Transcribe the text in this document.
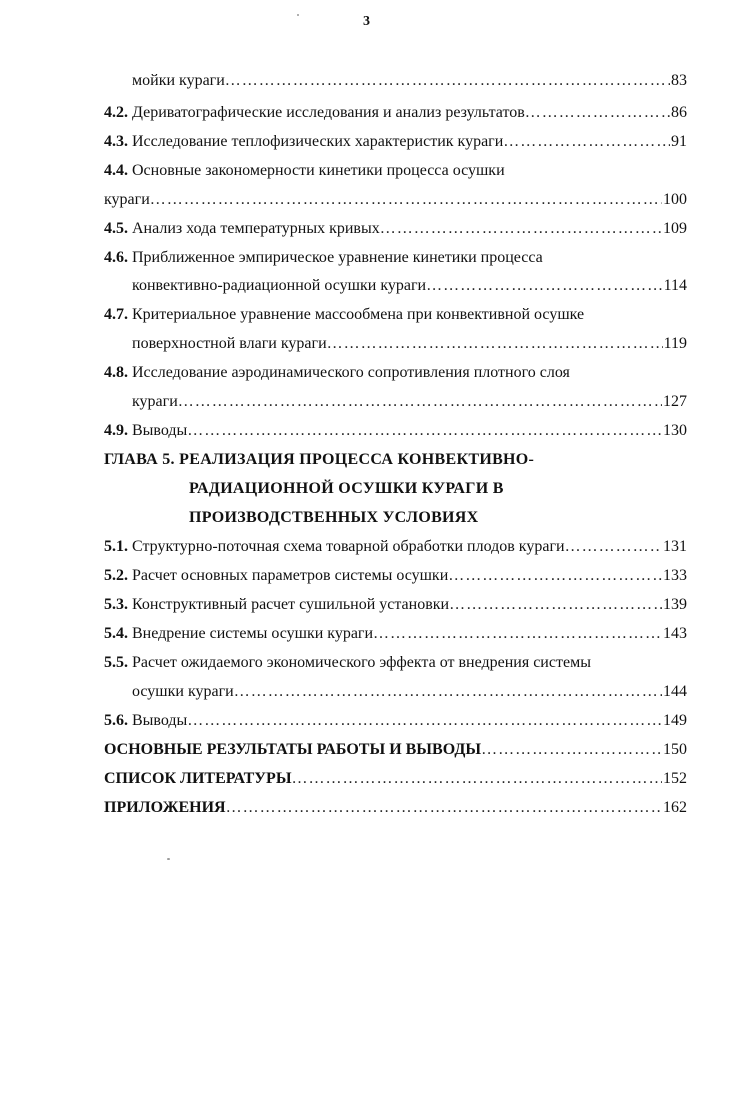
3
мойки кураги ……………………………………………………………………………………………………………………………	83
4.2. Дериватографические исследования и анализ результатов ……………………………………………………………………………………………………………………………	86
4.3. Исследование теплофизических характеристик кураги ……………………………………………………………………………………………………………………………	91
4.4. Основные закономерности кинетики процесса осушки
кураги ……………………………………………………………………………………………………………………………	100
4.5. Анализ хода температурных кривых ……………………………………………………………………………………………………………………………	109
4.6. Приближенное эмпирическое уравнение кинетики процесса
конвективно-радиационной осушки кураги ……………………………………………………………………………………………………………………………	114
4.7. Критериальное уравнение массообмена при конвективной осушке
поверхностной влаги кураги ……………………………………………………………………………………………………………………………	119
4.8. Исследование аэродинамического сопротивления плотного слоя
кураги ……………………………………………………………………………………………………………………………	127
4.9. Выводы ……………………………………………………………………………………………………………………………	130
ГЛАВА 5. РЕАЛИЗАЦИЯ ПРОЦЕССА КОНВЕКТИВНО-
РАДИАЦИОННОЙ ОСУШКИ КУРАГИ В
ПРОИЗВОДСТВЕННЫХ УСЛОВИЯХ
5.1. Структурно-поточная схема товарной обработки плодов кураги ……………………………………………………………………………………………………………………………	131
5.2. Расчет основных параметров системы осушки ……………………………………………………………………………………………………………………………	133
5.3. Конструктивный расчет сушильной установки ……………………………………………………………………………………………………………………………	139
5.4. Внедрение системы осушки кураги ……………………………………………………………………………………………………………………………	143
5.5. Расчет ожидаемого экономического эффекта от внедрения системы
осушки кураги ……………………………………………………………………………………………………………………………	144
5.6. Выводы ……………………………………………………………………………………………………………………………	149
ОСНОВНЫЕ РЕЗУЛЬТАТЫ РАБОТЫ И ВЫВОДЫ ……………………………………………………………………………………………………………………………	150
СПИСОК ЛИТЕРАТУРЫ ……………………………………………………………………………………………………………………………	152
ПРИЛОЖЕНИЯ ……………………………………………………………………………………………………………………………	162
